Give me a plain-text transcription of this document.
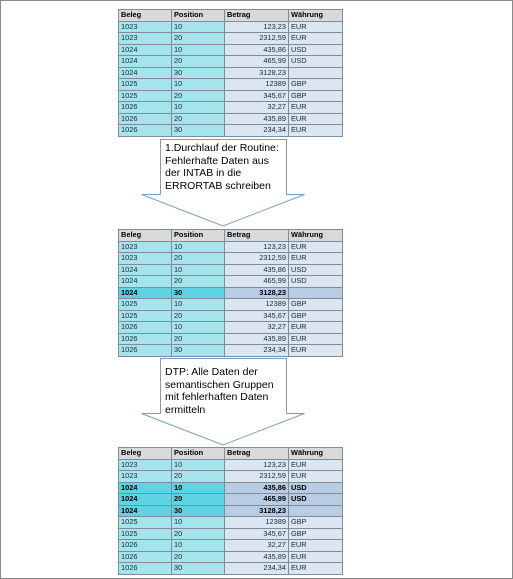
Beleg	Position	Betrag	Währung
1023	10	123,23	EUR
1023	20	2312,59	EUR
1024	10	435,86	USD
1024	20	465,99	USD
1024	30	3128,23	
1025	10	12389	GBP
1025	20	345,67	GBP
1026	10	32,27	EUR
1026	20	435,89	EUR
1026	30	234,34	EUR
1.Durchlauf der Routine:
Fehlerhafte Daten aus
der INTAB in die
ERRORTAB schreiben
Beleg	Position	Betrag	Währung
1023	10	123,23	EUR
1023	20	2312,59	EUR
1024	10	435,86	USD
1024	20	465,99	USD
1024	30	3128,23	
1025	10	12389	GBP
1025	20	345,67	GBP
1026	10	32,27	EUR
1026	20	435,89	EUR
1026	30	234,34	EUR
DTP: Alle Daten der
semantischen Gruppen
mit fehlerhaften Daten
ermitteln
Beleg	Position	Betrag	Währung
1023	10	123,23	EUR
1023	20	2312,59	EUR
1024	10	435,86	USD
1024	20	465,99	USD
1024	30	3128,23	
1025	10	12389	GBP
1025	20	345,67	GBP
1026	10	32,27	EUR
1026	20	435,89	EUR
1026	30	234,34	EUR
